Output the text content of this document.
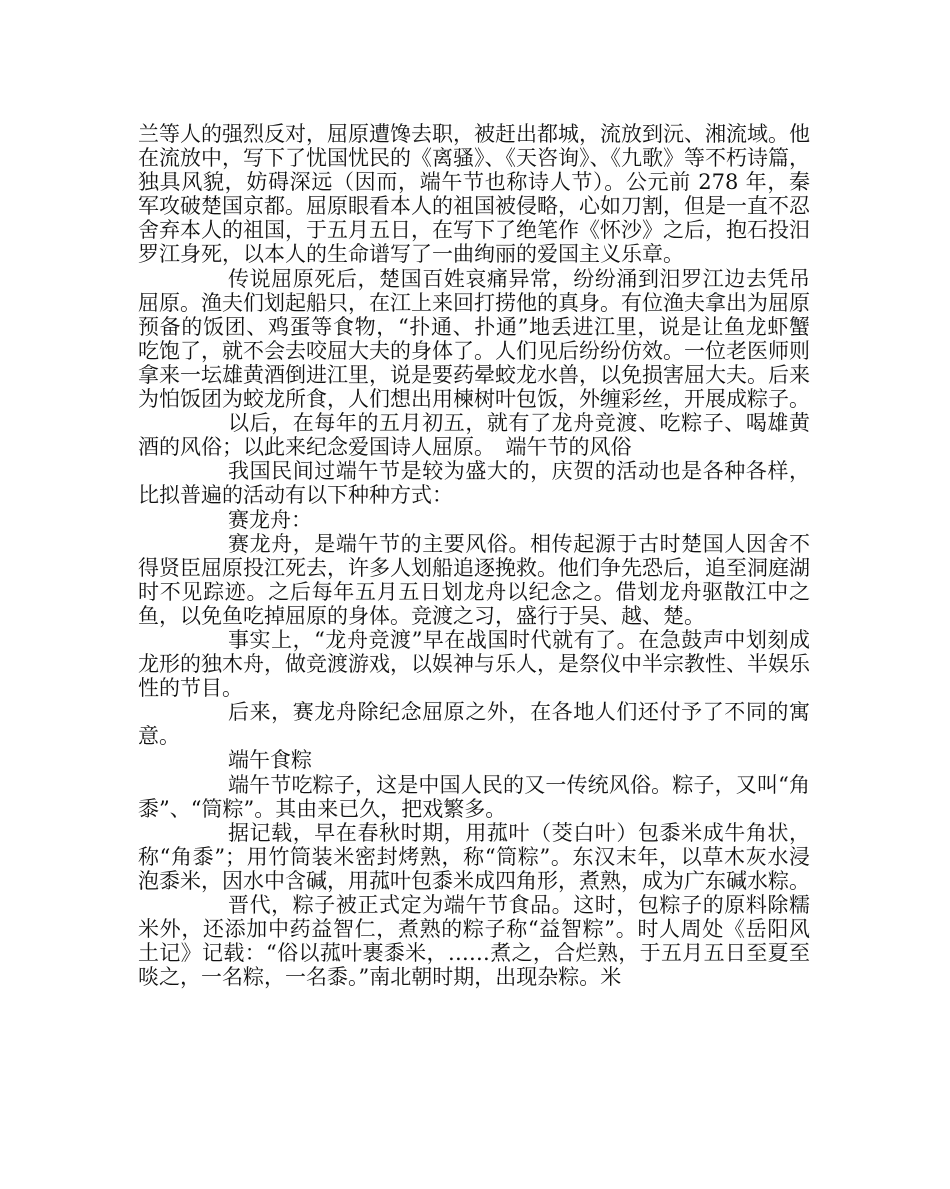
兰等人的强烈反对，屈原遭馋去职，被赶出都城，流放到沅、湘流域。他在流放中，写下了忧国忧民的《离骚》、《天咨询》、《九歌》等不朽诗篇，独具风貌，妨碍深远（因而，端午节也称诗人节）。公元前 278 年，秦军攻破楚国京都。屈原眼看本人的祖国被侵略，心如刀割，但是一直不忍舍弃本人的祖国，于五月五日，在写下了绝笔作《怀沙》之后，抱石投汨罗江身死，以本人的生命谱写了一曲绚丽的爱国主义乐章。

传说屈原死后，楚国百姓哀痛异常，纷纷涌到汨罗江边去凭吊屈原。渔夫们划起船只，在江上来回打捞他的真身。有位渔夫拿出为屈原预备的饭团、鸡蛋等食物，“扑通、扑通”地丢进江里，说是让鱼龙虾蟹吃饱了，就不会去咬屈大夫的身体了。人们见后纷纷仿效。一位老医师则拿来一坛雄黄酒倒进江里，说是要药晕蛟龙水兽，以免损害屈大夫。后来为怕饭团为蛟龙所食，人们想出用楝树叶包饭，外缠彩丝，开展成粽子。

以后，在每年的五月初五，就有了龙舟竞渡、吃粽子、喝雄黄酒的风俗；以此来纪念爱国诗人屈原。　端午节的风俗

我国民间过端午节是较为盛大的，庆贺的活动也是各种各样，比拟普遍的活动有以下种种方式：

赛龙舟：

赛龙舟，是端午节的主要风俗。相传起源于古时楚国人因舍不得贤臣屈原投江死去，许多人划船追逐挽救。他们争先恐后，追至洞庭湖时不见踪迹。之后每年五月五日划龙舟以纪念之。借划龙舟驱散江中之鱼，以免鱼吃掉屈原的身体。竞渡之习，盛行于吴、越、楚。

事实上，“龙舟竞渡”早在战国时代就有了。在急鼓声中划刻成龙形的独木舟，做竞渡游戏，以娱神与乐人，是祭仪中半宗教性、半娱乐性的节目。

后来，赛龙舟除纪念屈原之外，在各地人们还付予了不同的寓意。

端午食粽

端午节吃粽子，这是中国人民的又一传统风俗。粽子，又叫“角黍”、“筒粽”。其由来已久，把戏繁多。

据记载，早在春秋时期，用菰叶（茭白叶）包黍米成牛角状，称“角黍”；用竹筒装米密封烤熟，称“筒粽”。东汉末年，以草木灰水浸泡黍米，因水中含碱，用菰叶包黍米成四角形，煮熟，成为广东碱水粽。

晋代，粽子被正式定为端午节食品。这时，包粽子的原料除糯米外，还添加中药益智仁，煮熟的粽子称“益智粽”。时人周处《岳阳风土记》记载：“俗以菰叶裹黍米，……煮之，合烂熟，于五月五日至夏至啖之，一名粽，一名黍。”南北朝时期，出现杂粽。米
